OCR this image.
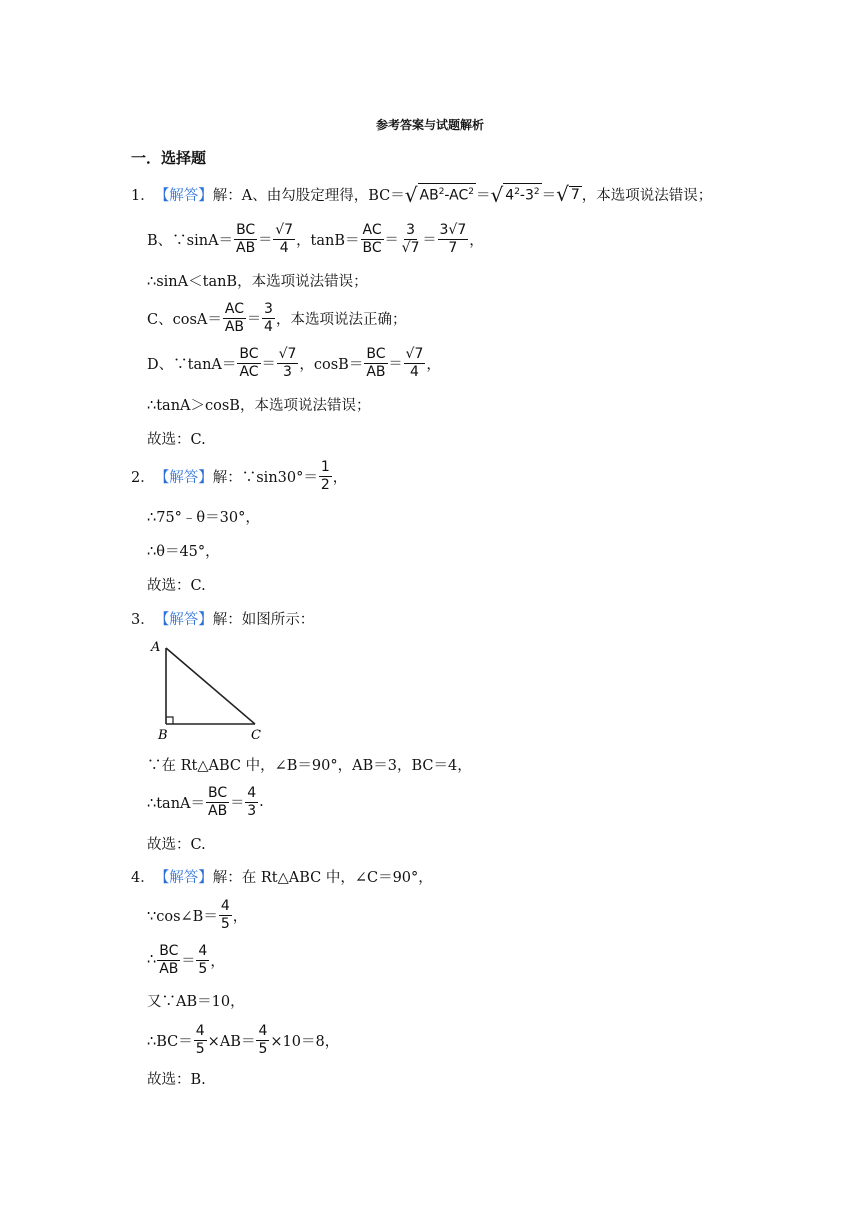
参考答案与试题解析
一．选择题
1． 【解答】 解： A、由勾股定理得， BC＝ √ $AB^2-AC^2$ ＝ √ $4^2-3^2$ ＝ √ 7 ，本选项说法错误；
B、∵sinA＝ $\frac{BC}{AB} = \frac{√7}{4}$ ，$\tan B= \frac{AC}{BC} = \frac{3}{√7} = \frac{3√7}{7}$ ，
∴sinA＜tanB，本选项说法错误；
C、$\cos A= \frac{AC}{AB} = \frac{3}{4}$ ，本选项说法正确；
D、∵tanA＝ $\frac{BC}{AC} = \frac{√7}{3}$ ，$\cos B= \frac{BC}{AB} = \frac{√7}{4}$ ，
∴tanA＞cosB，本选项说法错误；
故选：C.
2． 【解答】 解：∵sin30°＝ $\frac{1}{2}$ ，
∴75°﹣θ＝30°，
∴θ＝45°，
故选：C.
3． 【解答】 解：如图所示：
A
B	C
∵在 Rt△ABC 中，∠B＝90°，AB＝3，BC＝4，
∴tanA＝ $\frac{BC}{AB} = \frac{4}{3}$ .
故选：C.
4． 【解答】 解：在 Rt△ABC 中，∠C＝90°，
∵cos∠B＝ $\frac{4}{5}$ ，
∴ $\frac{BC}{AB} = \frac{4}{5}$ ，
又∵AB＝10，
∴BC＝ $\frac{4}{5} \times AB= \frac{4}{5} \times 10=8$，
故选：B.
